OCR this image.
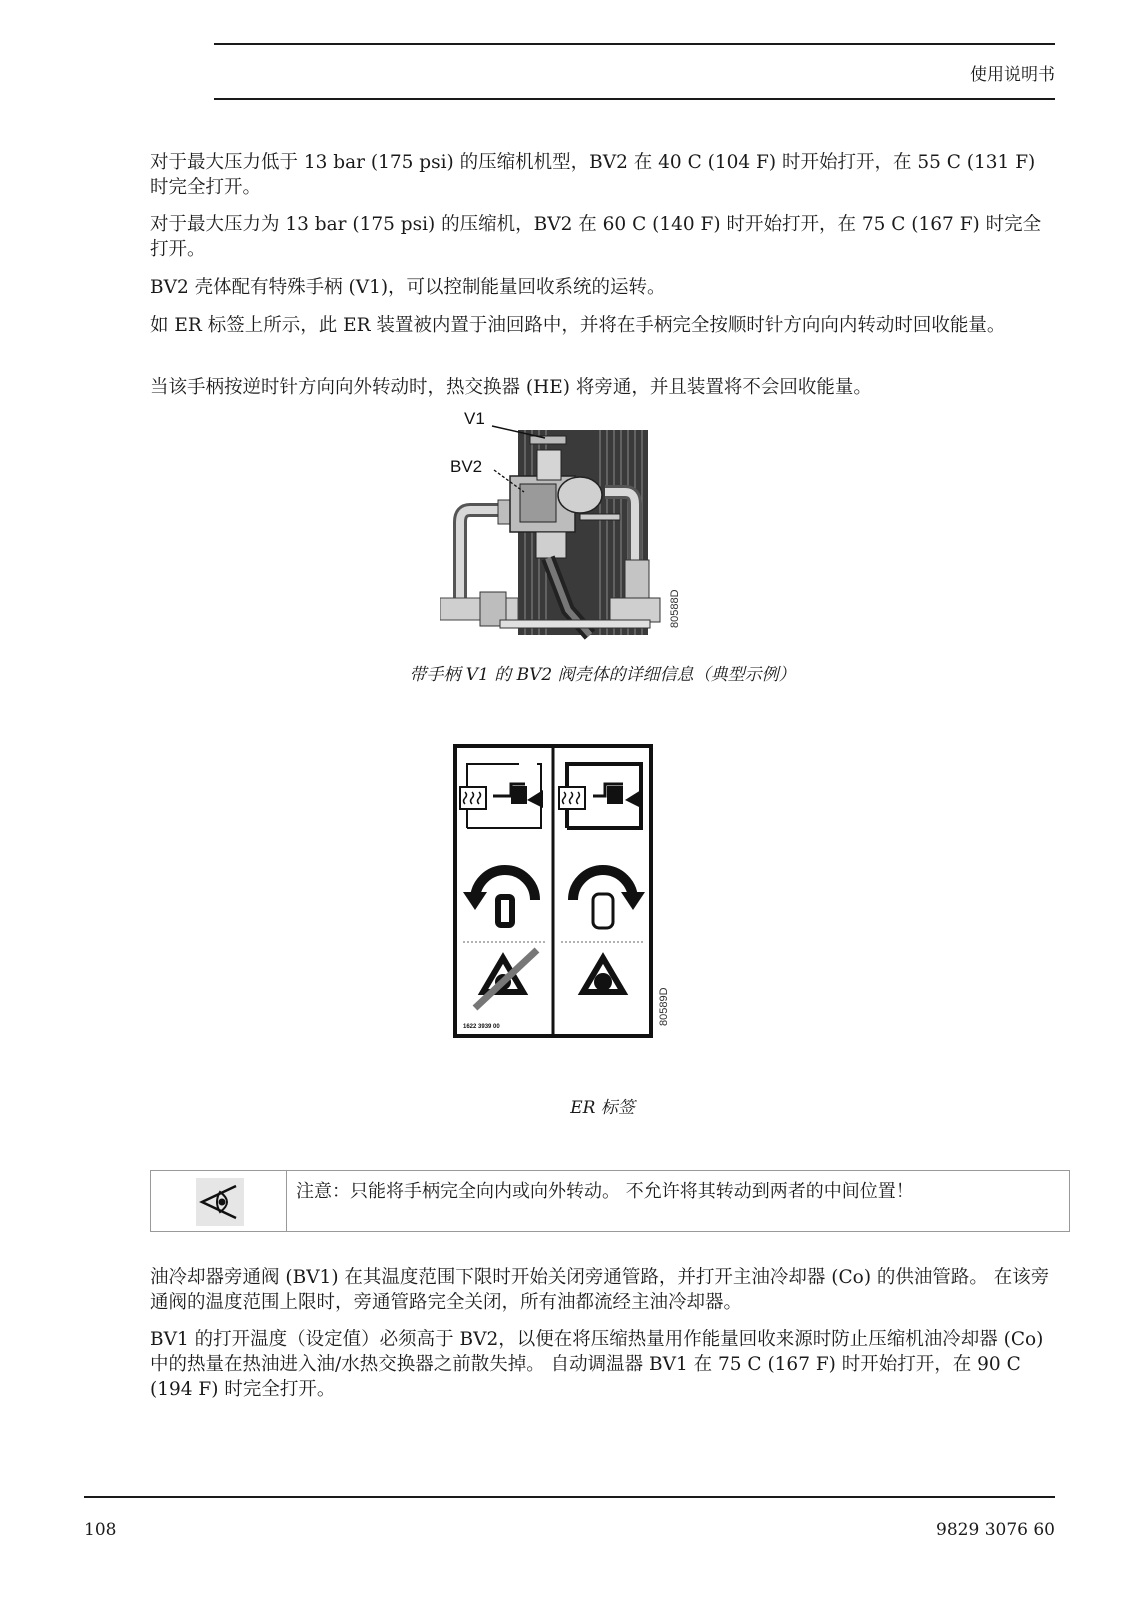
使用说明书

对于最大压力低于 13 bar (175 psi) 的压缩机机型，BV2 在 40 C (104 F) 时开始打开，在 55 C (131 F) 时完全打开。

对于最大压力为 13 bar (175 psi) 的压缩机，BV2 在 60 C (140 F) 时开始打开，在 75 C (167 F) 时完全打开。

BV2 壳体配有特殊手柄 (V1)，可以控制能量回收系统的运转。

如 ER 标签上所示，此 ER 装置被内置于油回路中，并将在手柄完全按顺时针方向向内转动时回收能量。

当该手柄按逆时针方向向外转动时，热交换器 (HE) 将旁通，并且装置将不会回收能量。

V1
BV2
80588D
带手柄 V1 的 BV2 阀壳体的详细信息（典型示例）
1622 3939 00
80589D
ER 标签
注意：只能将手柄完全向内或向外转动。 不允许将其转动到两者的中间位置！

油冷却器旁通阀 (BV1) 在其温度范围下限时开始关闭旁通管路，并打开主油冷却器 (Co) 的供油管路。 在该旁通阀的温度范围上限时，旁通管路完全关闭，所有油都流经主油冷却器。

BV1 的打开温度（设定值）必须高于 BV2，以便在将压缩热量用作能量回收来源时防止压缩机油冷却器 (Co) 中的热量在热油进入油/水热交换器之前散失掉。 自动调温器 BV1 在 75 C (167 F) 时开始打开，在 90 C (194 F) 时完全打开。

108	9829 3076 60
